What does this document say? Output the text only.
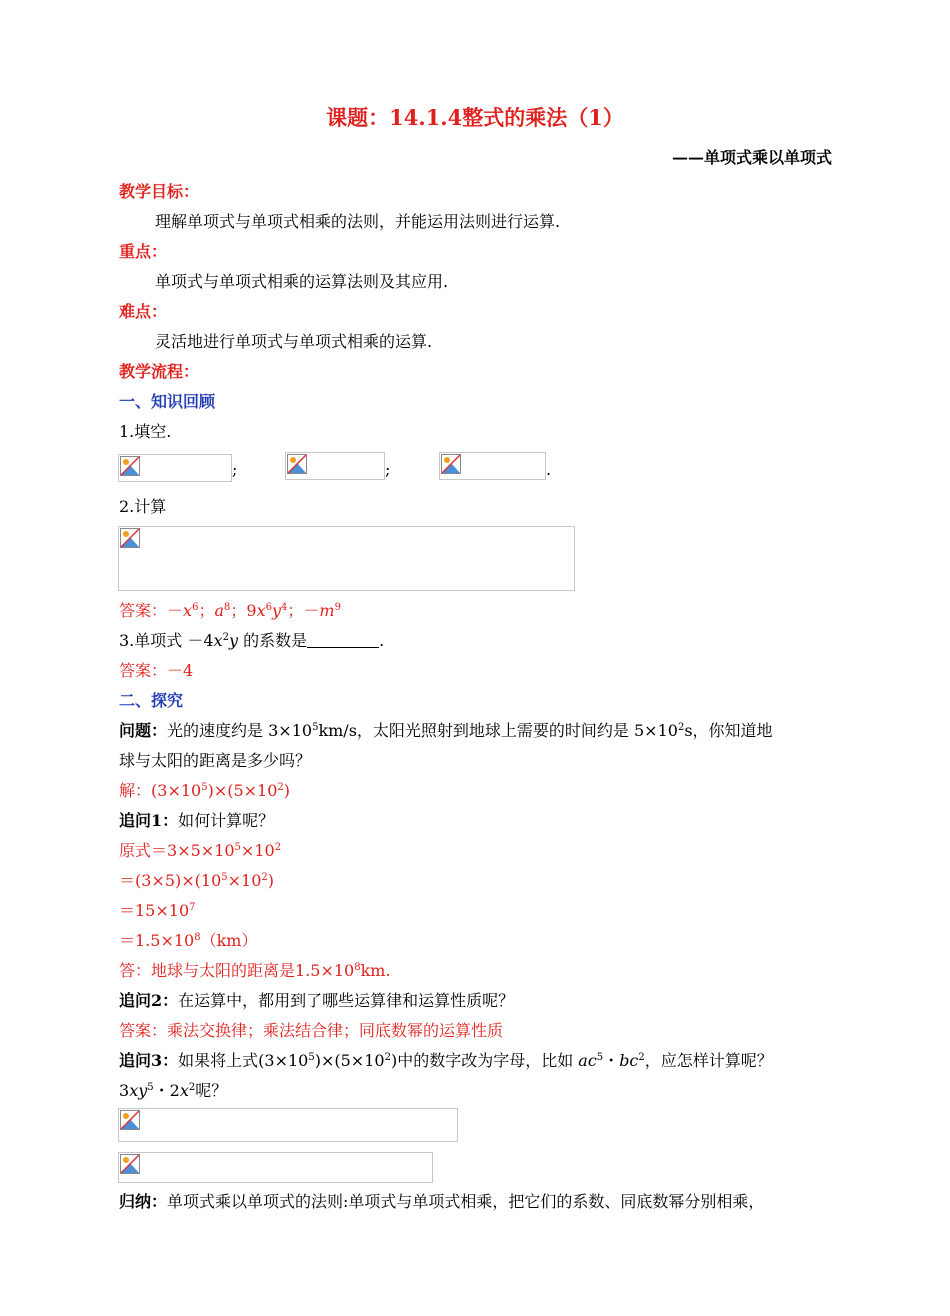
课题：14.1.4整式的乘法（1）
——单项式乘以单项式
教学目标：
理解单项式与单项式相乘的法则，并能运用法则进行运算.
重点：
单项式与单项式相乘的运算法则及其应用.
难点：
灵活地进行单项式与单项式相乘的运算.
教学流程：
一、知识回顾
1.填空.
;	;	.
2.计算
答案：$-x^6$；$a^8$；$9x^6y^4$；$-m^9$
3.单项式 $-4x^2y$ 的系数是	.
答案：－4
二、探究
问题：光的速度约是 $3\times 10^5km/s$，太阳光照射到地球上需要的时间约是 $5\times 10^2s$，你知道地
球与太阳的距离是多少吗？
解：$(3\times 10^5)\times(5\times 10^2)$
追问1：如何计算呢？
原式$=3\times 5\times 10^5\times 10^2$
$=(3\times 5)\times(10^5\times 10^2)$
$=15\times 10^7$
$=1.5\times 10^8(km)$
答：地球与太阳的距离是$1.5\times 10^8km$.
追问2：在运算中，都用到了哪些运算律和运算性质呢？
答案：乘法交换律；乘法结合律；同底数幂的运算性质
追问3：如果将上式$(3\times 10^5)\times(5\times 10^2)$中的数字改为字母，比如 $ac^5$・$bc^2$，应怎样计算呢？
$3xy^5$・$2x^2$呢？
归纳：单项式乘以单项式的法则:单项式与单项式相乘，把它们的系数、同底数幂分别相乘，
